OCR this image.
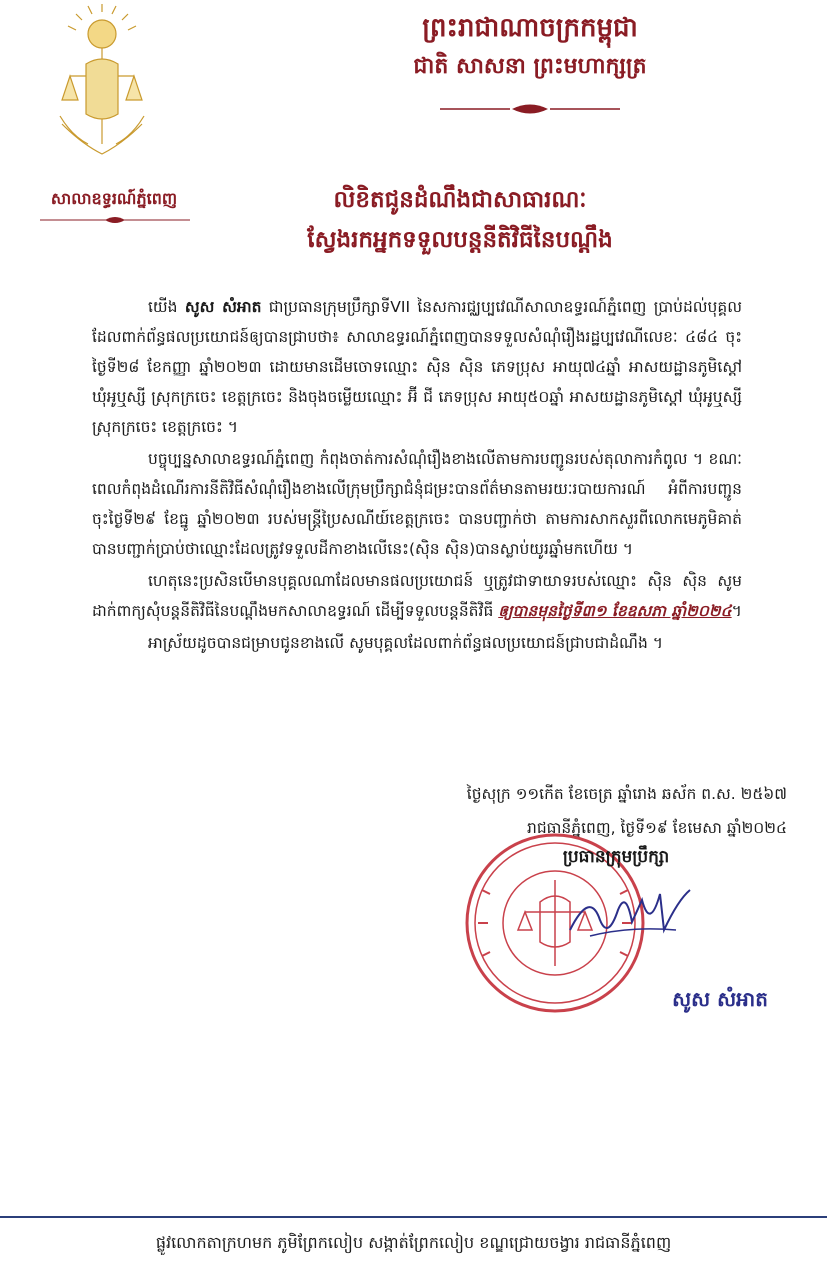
សាលាឧទ្ធរណ៍ភ្នំពេញ
ព្រះរាជាណាចក្រកម្ពុជា
ជាតិ សាសនា ព្រះមហាក្សត្រ
លិខិតជូនដំណឹងជាសាធារណៈ
ស្វែងរកអ្នកទទួលបន្តនីតិវិធីនៃបណ្តឹង

យើង សូស សំអាត ជាប្រធានក្រុមប្រឹក្សាទីVII នៃសការជ្ឈប្បវេណីសាលាឧទ្ធរណ៍ភ្នំពេញ ប្រាប់ដល់បុគ្គលដែលពាក់ព័ន្ធផលប្រយោជន៍ឲ្យបានជ្រាបថា៖ សាលាឧទ្ធរណ៍ភ្នំពេញបានទទួលសំណុំរឿងរដ្ឋប្បវេណីលេខៈ ៤៨៤ ចុះថ្ងៃទី២៨ ខែកញ្ញា ឆ្នាំ២០២៣ ដោយមានដើមចោទឈ្មោះ ស៊ិន ស៊ិន ភេទប្រុស អាយុ៧៤ឆ្នាំ អាសយដ្ឋានភូមិស្តៅ ឃុំអូឬស្សី ស្រុកក្រចេះ ខេត្តក្រចេះ និងចុងចម្លើយឈ្មោះ អ៊ី ជី ភេទប្រុស អាយុ៥០ឆ្នាំ អាសយដ្ឋានភូមិស្តៅ ឃុំអូឬស្សី ស្រុកក្រចេះ ខេត្តក្រចេះ ។

បច្ចុប្បន្នសាលាឧទ្ធរណ៍ភ្នំពេញ កំពុងចាត់ការសំណុំរឿងខាងលើតាមការបញ្ជូនរបស់តុលាការកំពូល ។ ខណៈពេលកំពុងដំណើរការនីតិវិធីសំណុំរឿងខាងលើក្រុមប្រឹក្សាជំនុំជម្រះបានព័ត៌មានតាមរយៈរបាយការណ៍ អំពីការបញ្ជូន ចុះថ្ងៃទី២៩ ខែធ្នូ ឆ្នាំ២០២៣ របស់មន្ត្រីប្រៃសណីយ៍ខេត្តក្រចេះ បានបញ្ជាក់ថា តាមការសាកសួរពីលោកមេភូមិគាត់បានបញ្ជាក់ប្រាប់ថាឈ្មោះដែលត្រូវទទួលដីកាខាងលើនេះ(ស៊ិន ស៊ិន)បានស្លាប់យូរឆ្នាំមកហើយ ។

ហេតុនេះប្រសិនបើមានបុគ្គលណាដែលមានផលប្រយោជន៍ ឬត្រូវជាទាយាទរបស់ឈ្មោះ ស៊ិន ស៊ិន សូមដាក់ពាក្យសុំបន្តនីតិវិធីនៃបណ្តឹងមកសាលាឧទ្ធរណ៍ ដើម្បីទទួលបន្តនីតិវិធី ឲ្យបានមុនថ្ងៃទី៣១ ខែឧសភា ឆ្នាំ២០២៤។

អាស្រ័យដូចបានជម្រាបជូនខាងលើ សូមបុគ្គលដែលពាក់ព័ន្ធផលប្រយោជន៍ជ្រាបជាដំណឹង ។

ថ្ងៃសុក្រ ១១កើត ខែចេត្រ ឆ្នាំរោង ឆស័ក ព.ស. ២៥៦៧
រាជធានីភ្នំពេញ, ថ្ងៃទី១៩ ខែមេសា ឆ្នាំ២០២៤
ប្រធានក្រុមប្រឹក្សា
សូស សំអាត
ផ្លូវលោកតាក្រហមក ភូមិព្រែកលៀប សង្កាត់ព្រែកលៀប ខណ្ឌជ្រោយចង្វារ រាជធានីភ្នំពេញ
